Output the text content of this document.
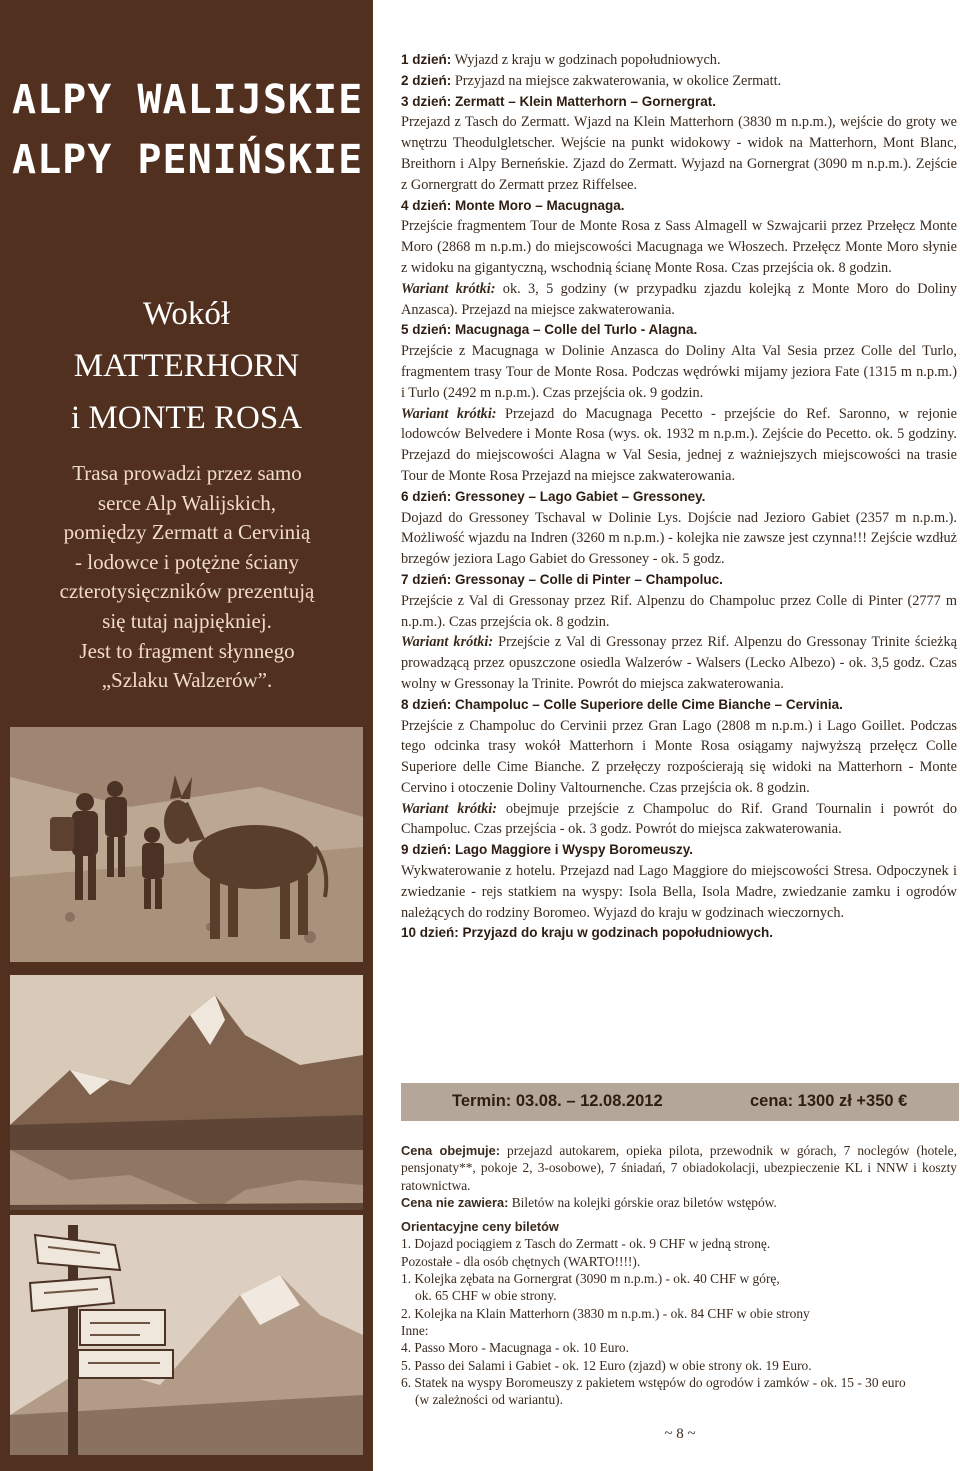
ALPY WALIJSKIE
ALPY PENIŃSKIE
Wokół
MATTERHORN
i MONTE ROSA
Trasa prowadzi przez samo
serce Alp Walijskich,
pomiędzy Zermatt a Cervinią
- lodowce i potężne ściany
czterotysięczników prezentują
się tutaj najpiękniej.
Jest to fragment słynnego
„Szlaku Walzerów”.

1 dzień: Wyjazd z kraju w godzinach popołudniowych.

2 dzień: Przyjazd na miejsce zakwaterowania, w okolice Zermatt.

3 dzień: Zermatt – Klein Matterhorn – Gornergrat.

Przejazd z Tasch do Zermatt. Wjazd na Klein Matterhorn (3830 m n.p.m.), wejście do groty we wnętrzu Theodulgletscher. Wejście na punkt widokowy - widok na Matterhorn, Mont Blanc, Breithorn i Alpy Berneńskie. Zjazd do Zermatt. Wyjazd na Gornergrat (3090 m n.p.m.). Zejście z Gornergratt do Zermatt przez Riffelsee.

4 dzień: Monte Moro – Macugnaga.

Przejście fragmentem Tour de Monte Rosa z Sass Almagell w Szwajcarii przez Przełęcz Monte Moro (2868 m n.p.m.) do miejscowości Macugnaga we Włoszech. Przełęcz Monte Moro słynie z widoku na gigantyczną, wschodnią ścianę Monte Rosa. Czas przejścia ok. 8 godzin.

Wariant krótki: ok. 3, 5 godziny (w przypadku zjazdu kolejką z Monte Moro do Doliny Anzasca). Przejazd na miejsce zakwaterowania.

5 dzień: Macugnaga – Colle del Turlo - Alagna.

Przejście z Macugnaga w Dolinie Anzasca do Doliny Alta Val Sesia przez Colle del Turlo, fragmentem trasy Tour de Monte Rosa. Podczas wędrówki mijamy jeziora Fate (1315 m n.p.m.) i Turlo (2492 m n.p.m.). Czas przejścia ok. 9 godzin.

Wariant krótki: Przejazd do Macugnaga Pecetto - przejście do Ref. Saronno, w rejonie lodowców Belvedere i Monte Rosa (wys. ok. 1932 m n.p.m.). Zejście do Pecetto. ok. 5 godziny. Przejazd do miejscowości Alagna w Val Sesia, jednej z ważniejszych miejscowości na trasie Tour de Monte Rosa Przejazd na miejsce zakwaterowania.

6 dzień: Gressoney – Lago Gabiet – Gressoney.

Dojazd do Gressoney Tschaval w Dolinie Lys. Dojście nad Jezioro Gabiet (2357 m n.p.m.). Możliwość wjazdu na Indren (3260 m n.p.m.) - kolejka nie zawsze jest czynna!!! Zejście wzdłuż brzegów jeziora Lago Gabiet do Gressoney - ok. 5 godz.

7 dzień: Gressonay – Colle di Pinter – Champoluc.

Przejście z Val di Gressonay przez Rif. Alpenzu do Champoluc przez Colle di Pinter (2777 m n.p.m.). Czas przejścia ok. 8 godzin.

Wariant krótki: Przejście z Val di Gressonay przez Rif. Alpenzu do Gressonay Trinite ścieżką prowadzącą przez opuszczone osiedla Walzerów - Walsers (Lecko Albezo) - ok. 3,5 godz. Czas wolny w Gressonay la Trinite. Powrót do miejsca zakwaterowania.

8 dzień: Champoluc – Colle Superiore delle Cime Bianche – Cervinia.

Przejście z Champoluc do Cervinii przez Gran Lago (2808 m n.p.m.) i Lago Goillet. Podczas tego odcinka trasy wokół Matterhorn i Monte Rosa osiągamy najwyższą przełęcz Colle Superiore delle Cime Bianche. Z przełęczy rozpościerają się widoki na Matterhorn - Monte Cervino i otoczenie Doliny Valtournenche. Czas przejścia ok. 8 godzin.

Wariant krótki: obejmuje przejście z Champoluc do Rif. Grand Tournalin i powrót do Champoluc. Czas przejścia - ok. 3 godz. Powrót do miejsca zakwaterowania.

9 dzień: Lago Maggiore i Wyspy Boromeuszy.

Wykwaterowanie z hotelu. Przejazd nad Lago Maggiore do miejscowości Stresa. Odpoczynek i zwiedzanie - rejs statkiem na wyspy: Isola Bella, Isola Madre, zwiedzanie zamku i ogrodów należących do rodziny Boromeo. Wyjazd do kraju w godzinach wieczornych.

10 dzień: Przyjazd do kraju w godzinach popołudniowych.

Termin: 03.08. – 12.08.2012	cena: 1300 zł +350 €

Cena obejmuje: przejazd autokarem, opieka pilota, przewodnik w górach, 7 noclegów (hotele, pensjonaty**, pokoje 2, 3-osobowe), 7 śniadań, 7 obiadokolacji, ubezpieczenie KL i NNW i koszty ratownictwa.

Cena nie zawiera: Biletów na kolejki górskie oraz biletów wstępów.

Orientacyjne ceny biletów

1. Dojazd pociągiem z Tasch do Zermatt - ok. 9 CHF w jedną stronę.

Pozostałe - dla osób chętnych (WARTO!!!!).

1. Kolejka zębata na Gornergrat (3090 m n.p.m.) - ok. 40 CHF w górę,

ok. 65 CHF w obie strony.

2. Kolejka na Klain Matterhorn (3830 m n.p.m.) - ok. 84 CHF w obie strony

Inne:

4. Passo Moro - Macugnaga - ok. 10 Euro.

5. Passo dei Salami i Gabiet - ok. 12 Euro (zjazd) w obie strony ok. 19 Euro.

6. Statek na wyspy Boromeuszy z pakietem wstępów do ogrodów i zamków - ok. 15 - 30 euro

(w zależności od wariantu).

~ 8 ~
